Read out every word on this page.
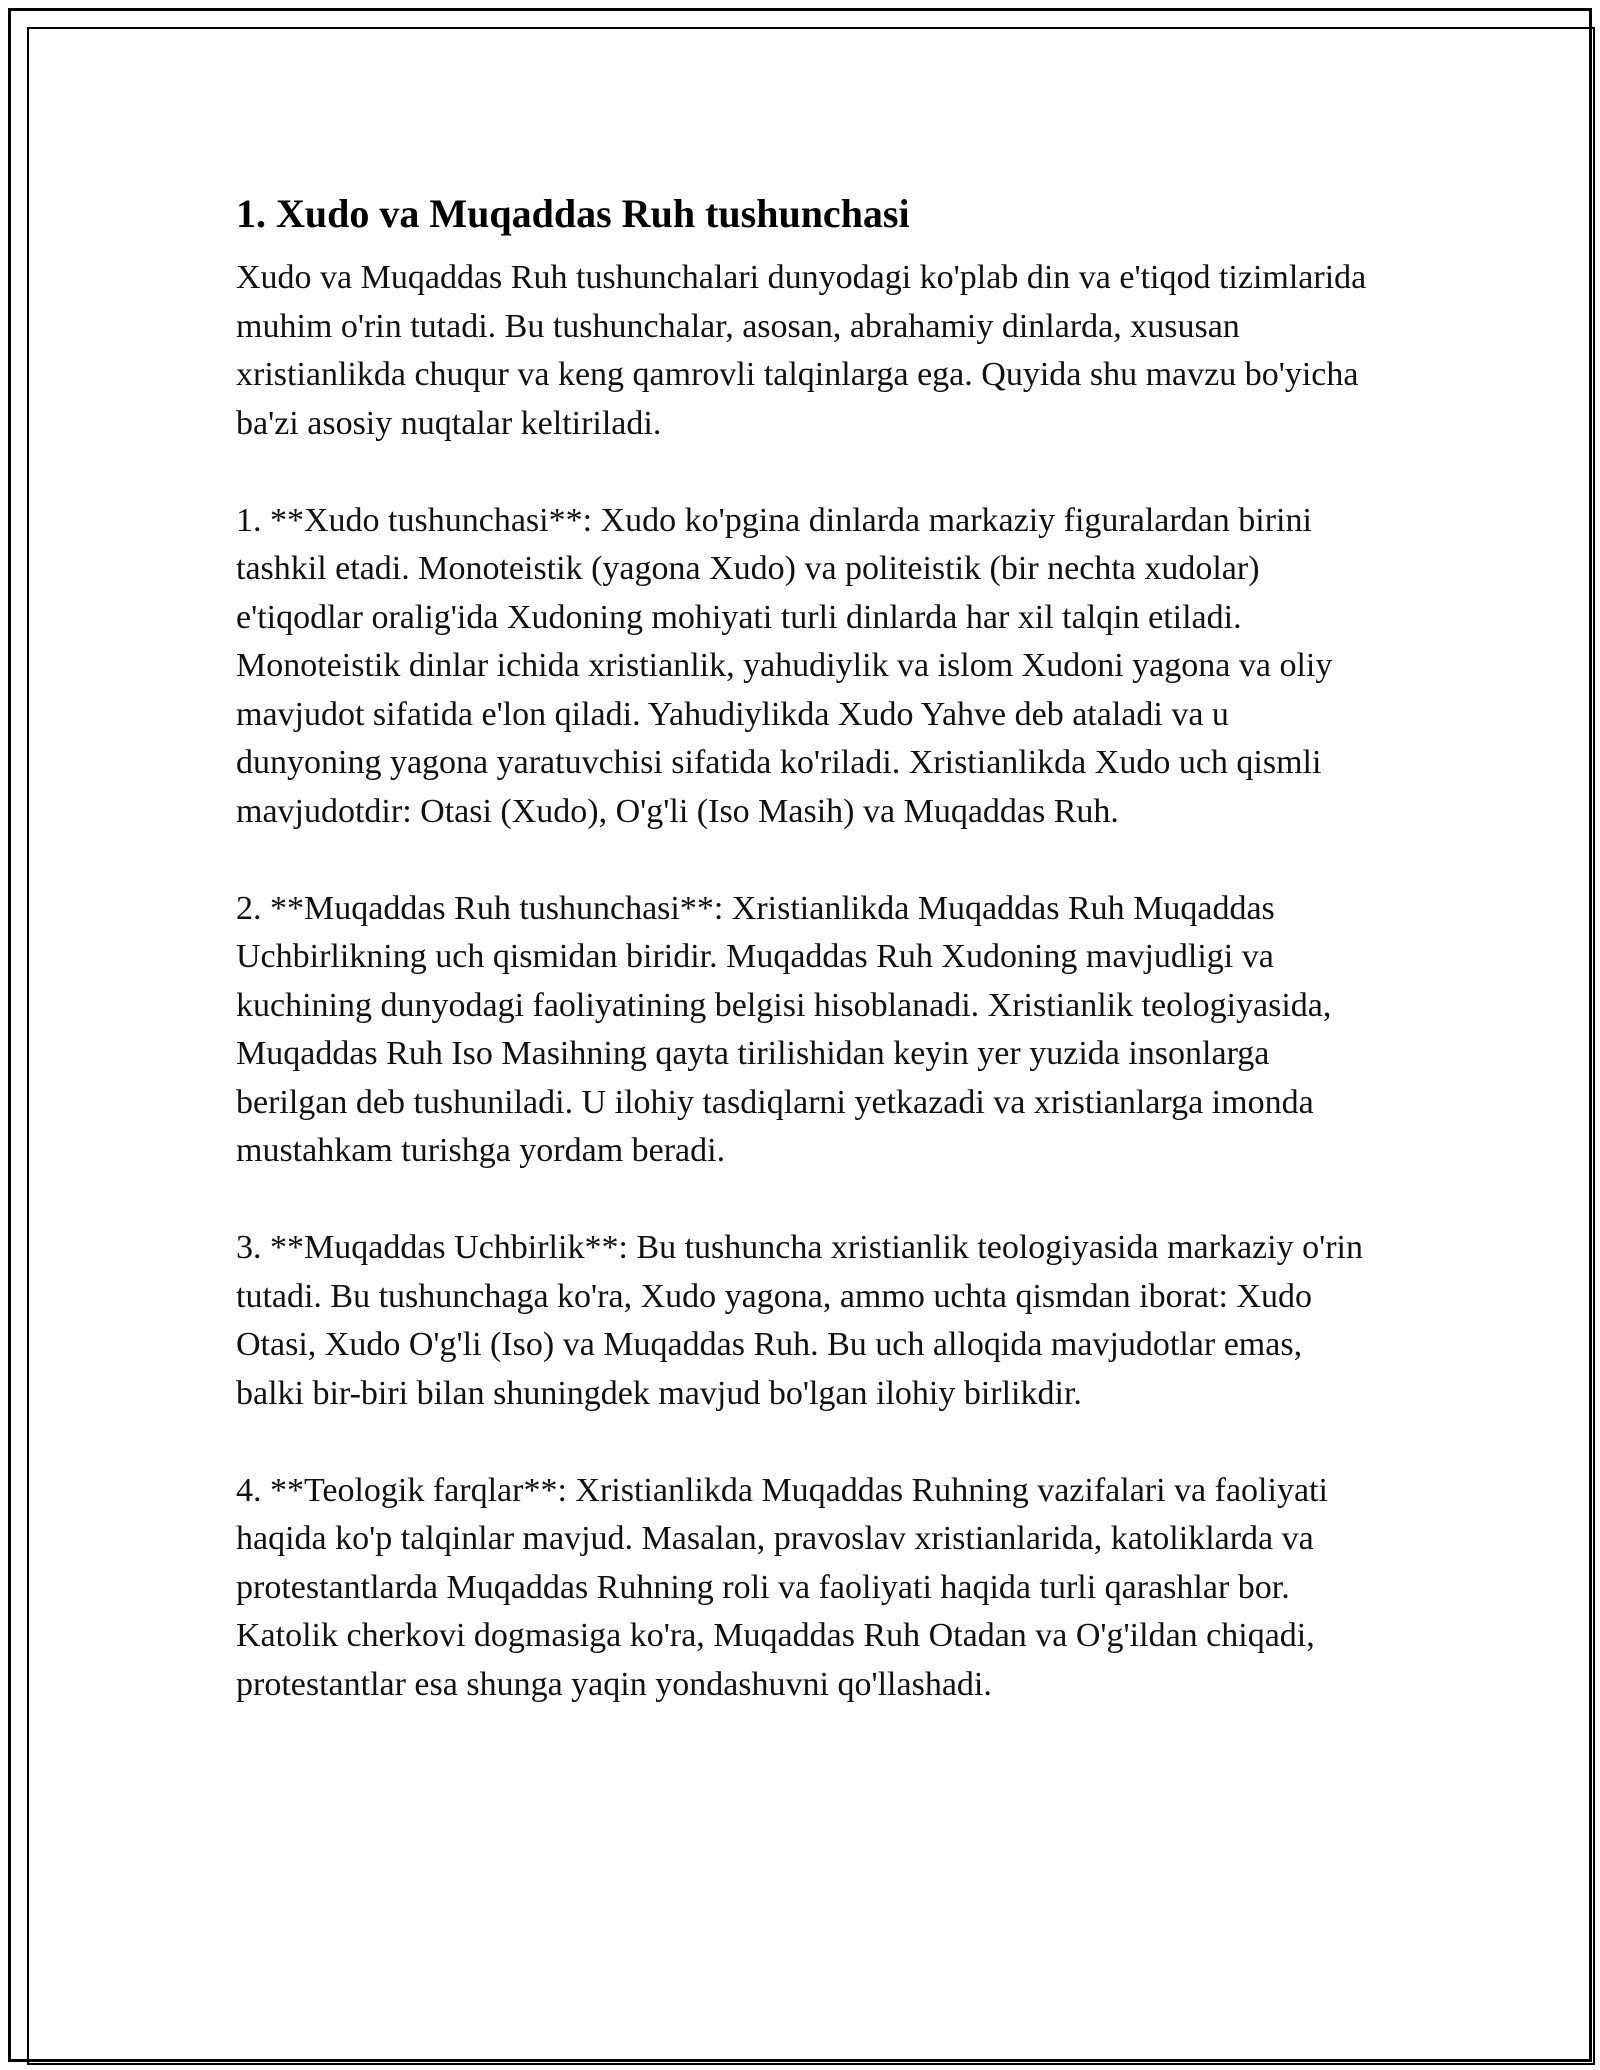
1. Xudo va Muqaddas Ruh tushunchasi

Xudo va Muqaddas Ruh tushunchalari dunyodagi ko'plab din va e'tiqod tizimlarida muhim o'rin tutadi. Bu tushunchalar, asosan, abrahamiy dinlarda, xususan xristianlikda chuqur va keng qamrovli talqinlarga ega. Quyida shu mavzu bo'yicha ba'zi asosiy nuqtalar keltiriladi.

1. **Xudo tushunchasi**: Xudo ko'pgina dinlarda markaziy figuralardan birini tashkil etadi. Monoteistik (yagona Xudo) va politeistik (bir nechta xudolar) e'tiqodlar oralig'ida Xudoning mohiyati turli dinlarda har xil talqin etiladi. Monoteistik dinlar ichida xristianlik, yahudiylik va islom Xudoni yagona va oliy mavjudot sifatida e'lon qiladi. Yahudiylikda Xudo Yahve deb ataladi va u dunyoning yagona yaratuvchisi sifatida ko'riladi. Xristianlikda Xudo uch qismli mavjudotdir: Otasi (Xudo), O'g'li (Iso Masih) va Muqaddas Ruh.

2. **Muqaddas Ruh tushunchasi**: Xristianlikda Muqaddas Ruh Muqaddas Uchbirlikning uch qismidan biridir. Muqaddas Ruh Xudoning mavjudligi va kuchining dunyodagi faoliyatining belgisi hisoblanadi. Xristianlik teologiyasida, Muqaddas Ruh Iso Masihning qayta tirilishidan keyin yer yuzida insonlarga berilgan deb tushuniladi. U ilohiy tasdiqlarni yetkazadi va xristianlarga imonda mustahkam turishga yordam beradi.

3. **Muqaddas Uchbirlik**: Bu tushuncha xristianlik teologiyasida markaziy o'rin tutadi. Bu tushunchaga ko'ra, Xudo yagona, ammo uchta qismdan iborat: Xudo Otasi, Xudo O'g'li (Iso) va Muqaddas Ruh. Bu uch alloqida mavjudotlar emas, balki bir-biri bilan shuningdek mavjud bo'lgan ilohiy birlikdir.

4. **Teologik farqlar**: Xristianlikda Muqaddas Ruhning vazifalari va faoliyati haqida ko'p talqinlar mavjud. Masalan, pravoslav xristianlarida, katoliklarda va protestantlarda Muqaddas Ruhning roli va faoliyati haqida turli qarashlar bor. Katolik cherkovi dogmasiga ko'ra, Muqaddas Ruh Otadan va O'g'ildan chiqadi, protestantlar esa shunga yaqin yondashuvni qo'llashadi.
